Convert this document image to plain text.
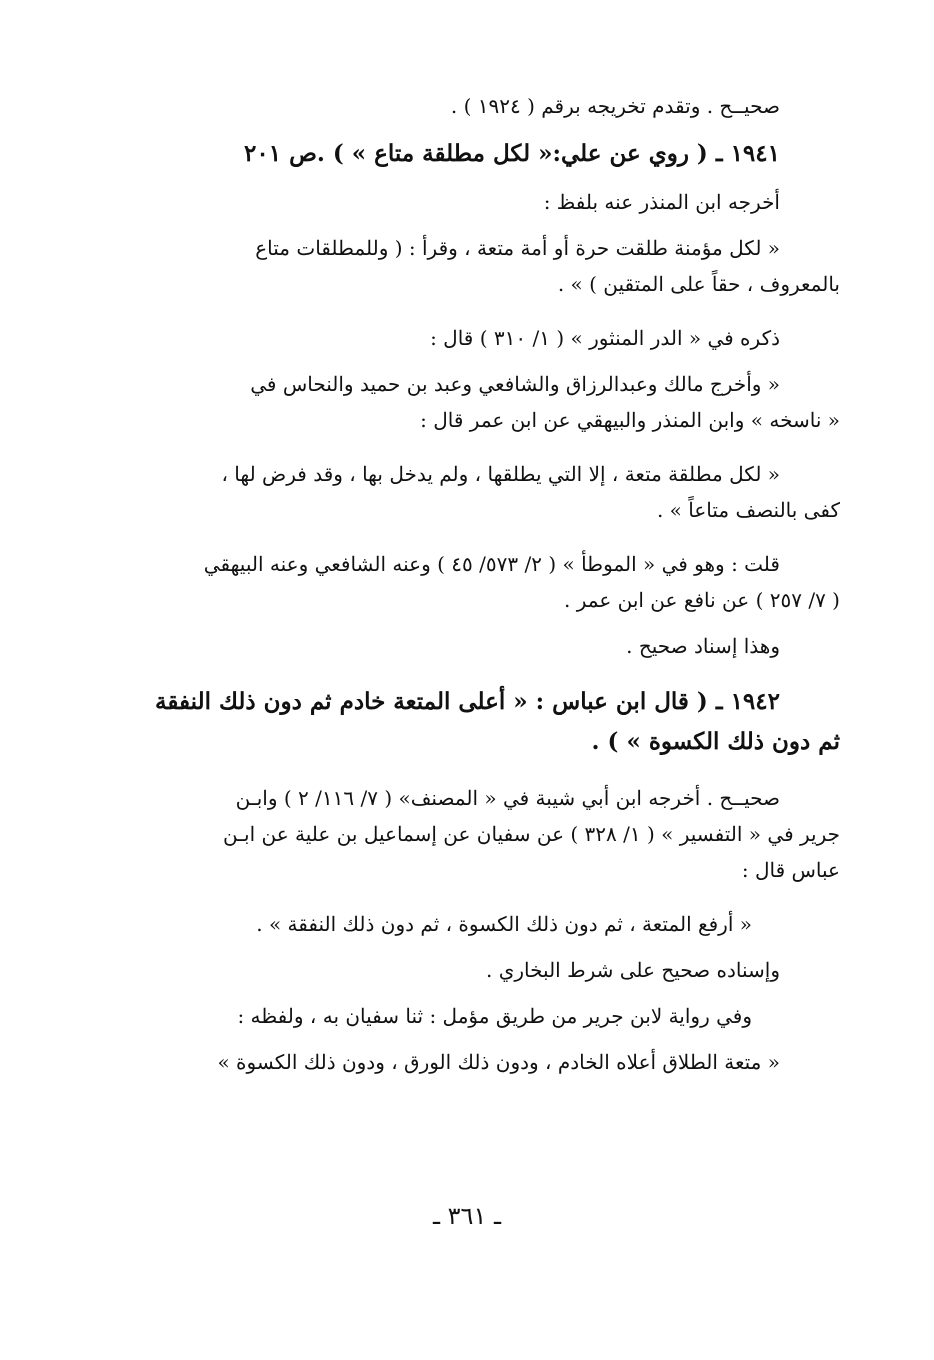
صحيــح . وتقدم تخريجه برقم ( ١٩٢٤ ) .
١٩٤١ ـ ( روي عن علي:« لكل مطلقة متاع » ) .ص ٢٠١
أخرجه ابن المنذر عنه بلفظ :
« لكل مؤمنة طلقت حرة أو أمة متعة ، وقرأ : ( وللمطلقات متاع
بالمعروف ، حقاً على المتقين ) » .
ذكره في « الدر المنثور » ( ١/ ٣١٠ ) قال :
« وأخرج مالك وعبدالرزاق والشافعي وعبد بن حميد والنحاس في
« ناسخه » وابن المنذر والبيهقي عن ابن عمر قال :
« لكل مطلقة متعة ، إلا التي يطلقها ، ولم يدخل بها ، وقد فرض لها ،
كفى بالنصف متاعاً » .
قلت : وهو في « الموطأ » ( ٢/ ٥٧٣/ ٤٥ ) وعنه الشافعي وعنه البيهقي
( ٧/ ٢٥٧ ) عن نافع عن ابن عمر .
وهذا إسناد صحيح .
١٩٤٢ ـ ( قال ابن عباس : « أعلى المتعة خادم ثم دون ذلك النفقة
ثم دون ذلك الكسوة » ) .
صحيــح . أخرجه ابن أبي شيبة في « المصنف» ( ٧/ ١١٦/ ٢ ) وابـن
جرير في « التفسير » ( ١/ ٣٢٨ ) عن سفيان عن إسماعيل بن علية عن ابـن
عباس قال :
« أرفع المتعة ، ثم دون ذلك الكسوة ، ثم دون ذلك النفقة » .
وإسناده صحيح على شرط البخاري .
وفي رواية لابن جرير من طريق مؤمل : ثنا سفيان به ، ولفظه :
« متعة الطلاق أعلاه الخادم ، ودون ذلك الورق ، ودون ذلك الكسوة »
ـ ٣٦١ ـ
